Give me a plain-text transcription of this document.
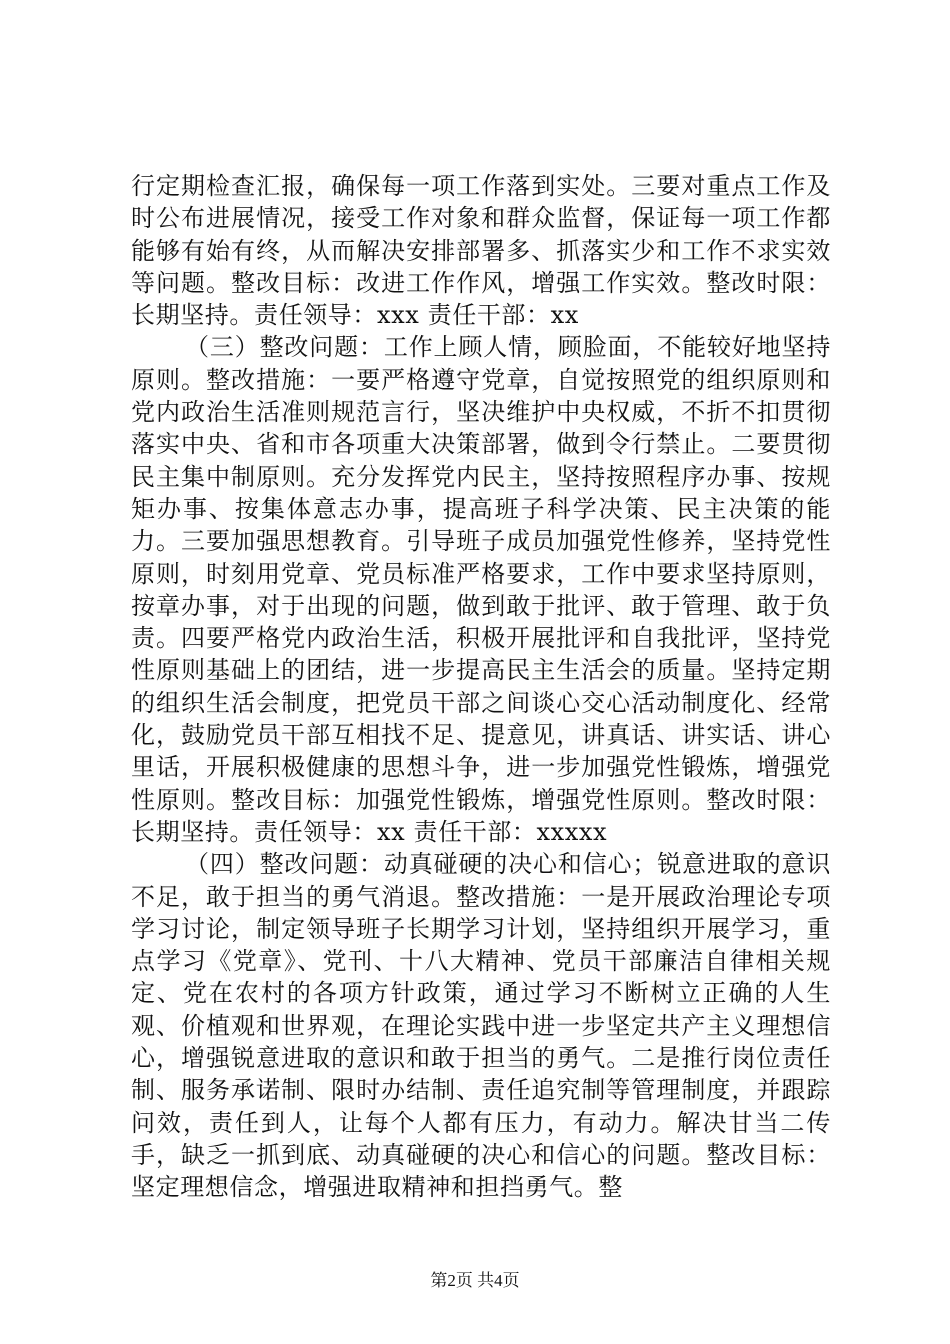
行定期检查汇报，确保每一项工作落到实处。三要对重点工作及时公布进展情况，接受工作对象和群众监督，保证每一项工作都能够有始有终，从而解决安排部署多、抓落实少和工作不求实效等问题。整改目标：改进工作作风，增强工作实效。整改时限：长期坚持。责任领导：xxx 责任干部：xx

（三）整改问题：工作上顾人情，顾脸面，不能较好地坚持原则。整改措施：一要严格遵守党章，自觉按照党的组织原则和党内政治生活准则规范言行，坚决维护中央权威，不折不扣贯彻落实中央、省和市各项重大决策部署，做到令行禁止。二要贯彻民主集中制原则。充分发挥党内民主，坚持按照程序办事、按规矩办事、按集体意志办事，提高班子科学决策、民主决策的能力。三要加强思想教育。引导班子成员加强党性修养，坚持党性原则，时刻用党章、党员标准严格要求，工作中要求坚持原则，按章办事，对于出现的问题，做到敢于批评、敢于管理、敢于负责。四要严格党内政治生活，积极开展批评和自我批评，坚持党性原则基础上的团结，进一步提高民主生活会的质量。坚持定期的组织生活会制度，把党员干部之间谈心交心活动制度化、经常化，鼓励党员干部互相找不足、提意见，讲真话、讲实话、讲心里话，开展积极健康的思想斗争，进一步加强党性锻炼，增强党性原则。整改目标：加强党性锻炼，增强党性原则。整改时限：长期坚持。责任领导：xx 责任干部：xxxxx

（四）整改问题：动真碰硬的决心和信心；锐意进取的意识不足，敢于担当的勇气消退。整改措施：一是开展政治理论专项学习讨论，制定领导班子长期学习计划，坚持组织开展学习，重点学习《党章》、党刊、十八大精神、党员干部廉洁自律相关规定、党在农村的各项方针政策，通过学习不断树立正确的人生观、价植观和世界观，在理论实践中进一步坚定共产主义理想信心，增强锐意进取的意识和敢于担当的勇气。二是推行岗位责任制、服务承诺制、限时办结制、责任追究制等管理制度，并跟踪问效，责任到人，让每个人都有压力，有动力。解决甘当二传手，缺乏一抓到底、动真碰硬的决心和信心的问题。整改目标：坚定理想信念，增强进取精神和担挡勇气。整

第2页 共4页
